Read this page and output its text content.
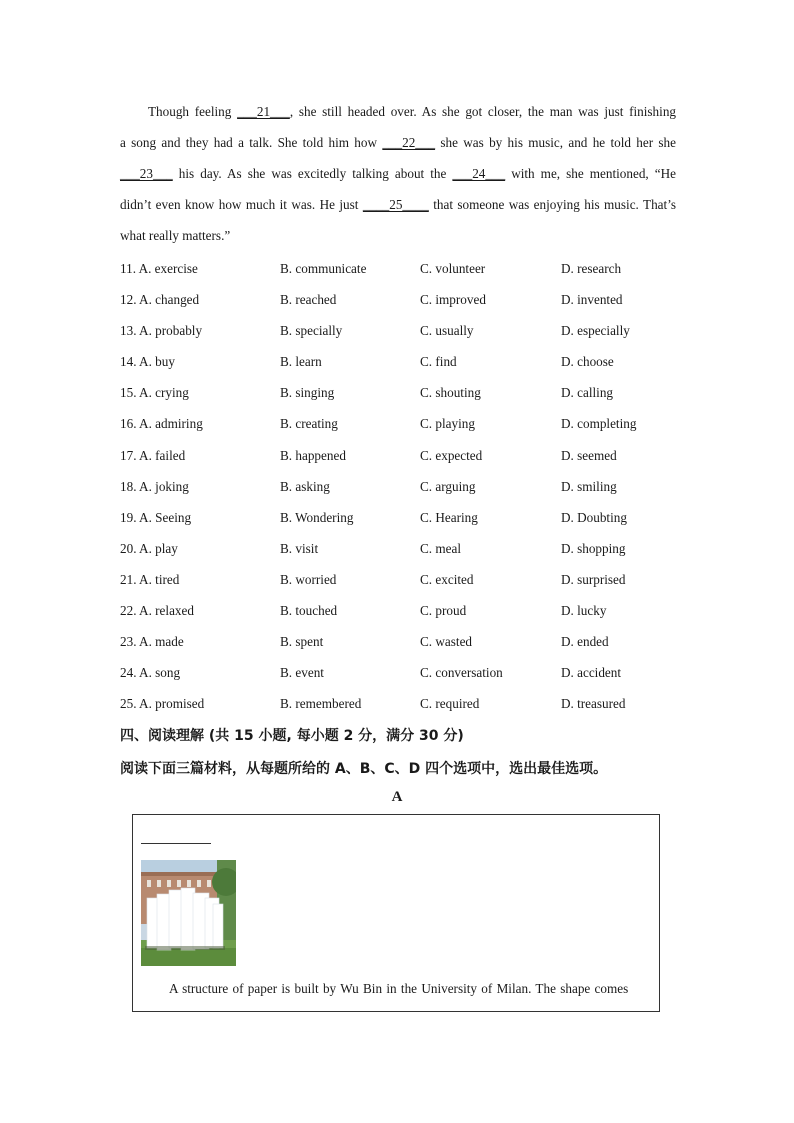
Though feeling ___21___, she still headed over. As she got closer, the man was just finishing
a song and they had a talk. She told him how ___22___ she was by his music, and he told her she
___23___ his day. As she was excitedly talking about the ___24___ with me, she mentioned, “He
didn’t even know how much it was. He just ____25____ that someone was enjoying his music. That’s
what really matters.”
11. A. exercise	B. communicate	C. volunteer	D. research
12. A. changed	B. reached	C. improved	D. invented
13. A. probably	B. specially	C. usually	D. especially
14. A. buy	B. learn	C. find	D. choose
15. A. crying	B. singing	C. shouting	D. calling
16. A. admiring	B. creating	C. playing	D. completing
17. A. failed	B. happened	C. expected	D. seemed
18. A. joking	B. asking	C. arguing	D. smiling
19. A. Seeing	B. Wondering	C. Hearing	D. Doubting
20. A. play	B. visit	C. meal	D. shopping
21. A. tired	B. worried	C. excited	D. surprised
22. A. relaxed	B. touched	C. proud	D. lucky
23. A. made	B. spent	C. wasted	D. ended
24. A. song	B. event	C. conversation	D. accident
25. A. promised	B. remembered	C. required	D. treasured
四、阅读理解 (共 15 小题, 每小题 2 分，满分 30 分)
阅读下面三篇材料，从每题所给的 A、B、C、D 四个选项中，选出最佳选项。
A
A structure of paper is built by Wu Bin in the University of Milan. The shape comes
